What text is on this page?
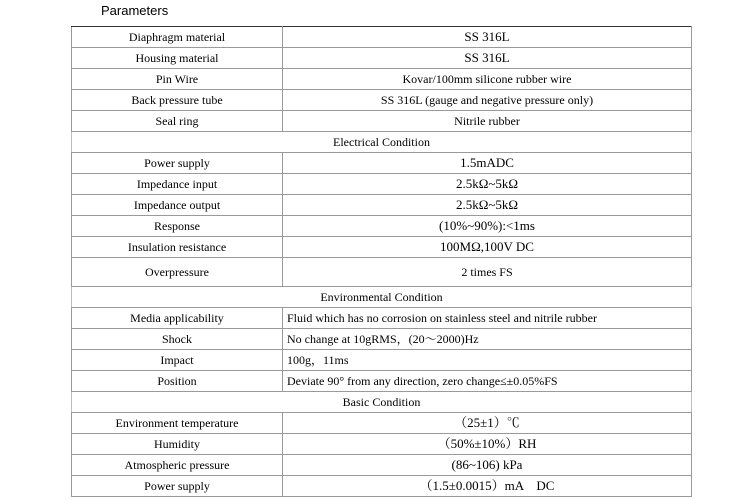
Parameters
Diaphragm material	SS 316L
Housing material	SS 316L
Pin Wire	Kovar/100mm silicone rubber wire
Back pressure tube	SS 316L (gauge and negative pressure only)
Seal ring	Nitrile rubber
Electrical Condition	
Power supply	1.5mADC
Impedance input	2.5kΩ~5kΩ
Impedance output	2.5kΩ~5kΩ
Response	(10%~90%):<1ms
Insulation resistance	100MΩ,100V DC
Overpressure	2 times FS
Environmental Condition	
Media applicability	Fluid which has no corrosion on stainless steel and nitrile rubber
Shock	No change at 10gRMS，(20～2000)Hz
Impact	100g，11ms
Position	Deviate 90° from any direction, zero change≤±0.05%FS
Basic Condition	
Environment temperature	（25±1）℃
Humidity	（50%±10%）RH
Atmospheric pressure	(86~106) kPa
Power supply	（1.5±0.0015）mA　DC
